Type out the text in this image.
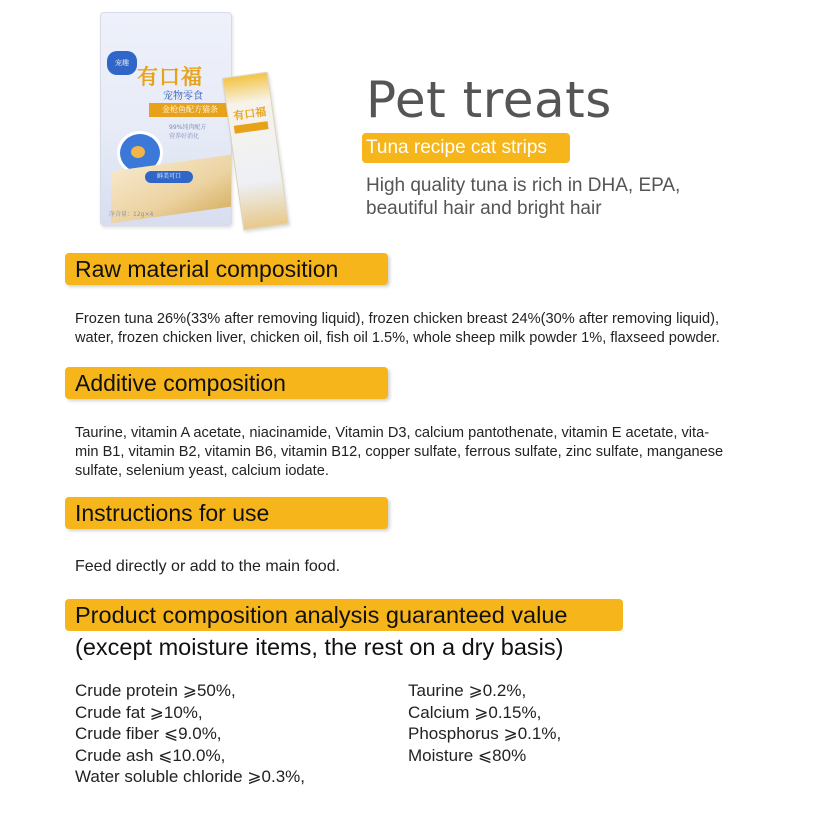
宠趣
有口福
宠物零食
金枪鱼配方猫条
99%纯肉配方
营养好消化
鲜美可口
净含量：12g×4
有口福 Pet treats
Tuna recipe cat strips
High quality tuna is rich in DHA, EPA,
beautiful hair and bright hair
Raw material composition
Frozen tuna 26%(33% after removing liquid), frozen chicken breast 24%(30% after removing liquid),
water, frozen chicken liver, chicken oil, fish oil 1.5%, whole sheep milk powder 1%, flaxseed powder.
Additive composition
Taurine, vitamin A acetate, niacinamide, Vitamin D3, calcium pantothenate, vitamin E acetate, vita-
min B1, vitamin B2, vitamin B6, vitamin B12, copper sulfate, ferrous sulfate, zinc sulfate, manganese
sulfate, selenium yeast, calcium iodate.
Instructions for use
Feed directly or add to the main food.
Product composition analysis guaranteed value
(except moisture items, the rest on a dry basis)
Crude protein ⩾50%,
Crude fat ⩾10%,
Crude fiber ⩽9.0%,
Crude ash ⩽10.0%,
Water soluble chloride ⩾0.3%,
Taurine ⩾0.2%,
Calcium ⩾0.15%,
Phosphorus ⩾0.1%,
Moisture ⩽80%
